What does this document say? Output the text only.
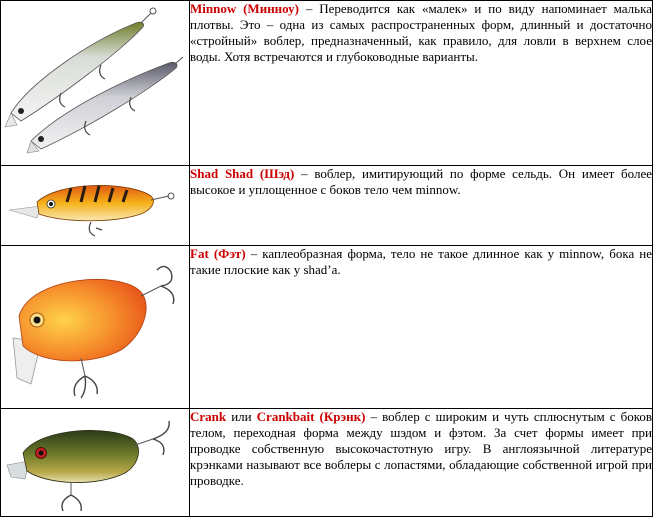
	Minnow (Минноу) – Переводится как «малек» и по виду напоминает малька плотвы. Это – одна из самых распространенных форм, длинный и достаточно «стройный» воблер, предназначенный, как правило, для ловли в верхнем слое воды. Хотя встречаются и глубоководные варианты.

	Shad Shad (Шэд) – воблер, имитирующий по форме сельдь. Он имеет более высокое и уплощенное с боков тело чем minnow.

	Fat (Фэт) – каплеобразная форма, тело не такое длинное как у minnow, бока не такие плоские как у shad’a.

	Crank или Crankbait (Крэнк) – воблер с широким и чуть сплюснутым с боков телом, переходная форма между шэдом и фэтом. За счет формы имеет при проводке собственную высокочастотную игру. В англоязычной литературе крэнками называют все воблеры с лопастями, обладающие собственной игрой при проводке.
